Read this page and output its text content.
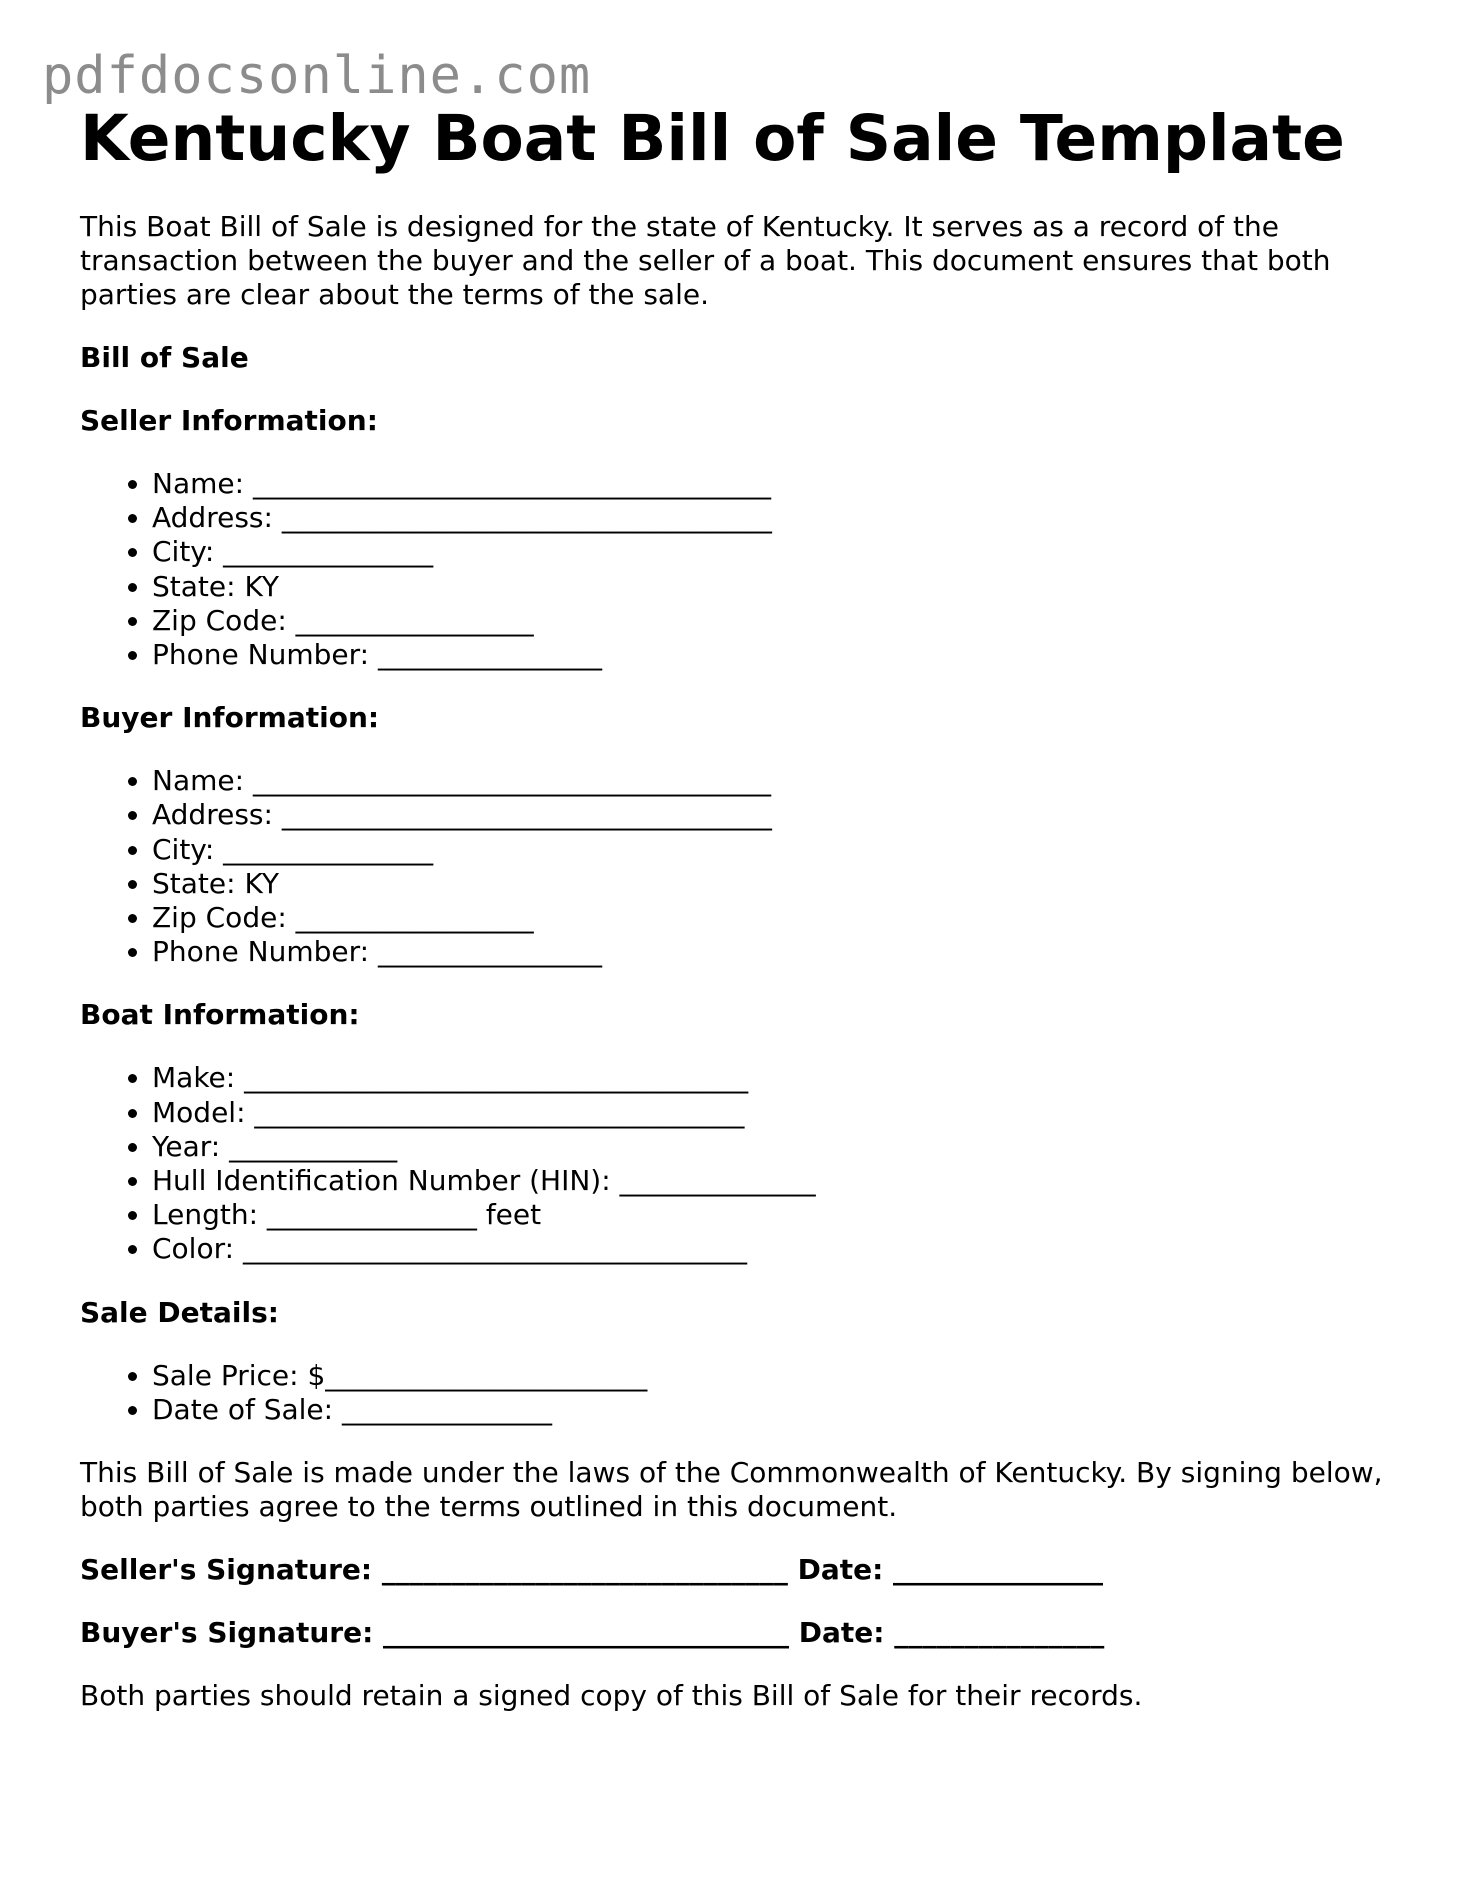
pdfdocsonline.com
Kentucky Boat Bill of Sale Template

This Boat Bill of Sale is designed for the state of Kentucky. It serves as a record of the transaction between the buyer and the seller of a boat. This document ensures that both parties are clear about the terms of the sale.

Bill of Sale

Seller Information:

• Name: _____________________________________
• Address: ___________________________________
• City: _______________
• State: KY
• Zip Code: _________________
• Phone Number: ________________

Buyer Information:

• Name: _____________________________________
• Address: ___________________________________
• City: _______________
• State: KY
• Zip Code: _________________
• Phone Number: ________________

Boat Information:

• Make: ____________________________________
• Model: ___________________________________
• Year: ____________
• Hull Identification Number (HIN): ______________
• Length: _______________ feet
• Color: ____________________________________

Sale Details:

• Sale Price: $_______________________
• Date of Sale: _______________

This Bill of Sale is made under the laws of the Commonwealth of Kentucky. By signing below, both parties agree to the terms outlined in this document.

Seller's Signature: _____________________________ Date: _______________

Buyer's Signature: _____________________________ Date: _______________

Both parties should retain a signed copy of this Bill of Sale for their records.
